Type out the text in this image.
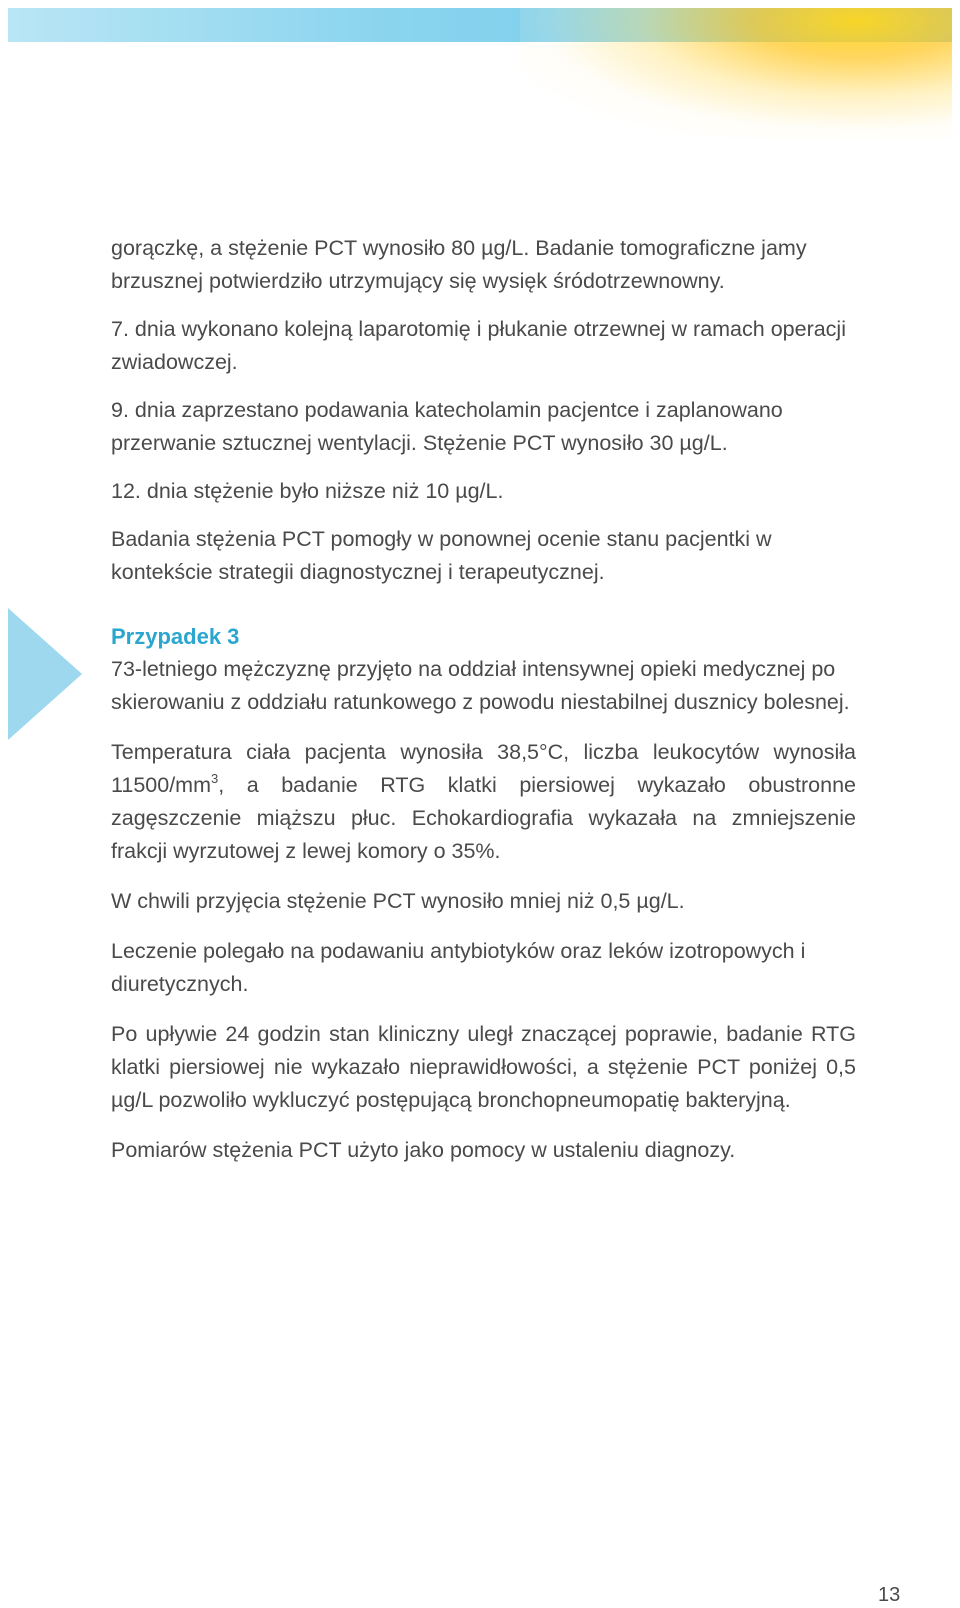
gorączkę, a stężenie PCT wynosiło 80 µg/L. Badanie tomograficzne jamy brzusznej potwierdziło utrzymujący się wysięk śródotrzewnowny.

7. dnia wykonano kolejną laparotomię i płukanie otrzewnej w ramach operacji zwiadowczej.

9. dnia zaprzestano podawania katecholamin pacjentce i zaplanowano przerwanie sztucznej wentylacji. Stężenie PCT wynosiło 30 µg/L.

12. dnia stężenie było niższe niż 10 µg/L.

Badania stężenia PCT pomogły w ponownej ocenie stanu pacjentki w kontekście strategii diagnostycznej i terapeutycznej.

Przypadek 3

73-letniego mężczyznę przyjęto na oddział intensywnej opieki medycznej po skierowaniu z oddziału ratunkowego z powodu niestabilnej dusznicy bolesnej.

Temperatura ciała pacjenta wynosiła 38,5°C, liczba leukocytów wynosiła $11500/mm^3$, a badanie RTG klatki piersiowej wykazało obustronne zagęszczenie miąższu płuc. Echokardiografia wykazała na zmniejszenie frakcji wyrzutowej z lewej komory o 35%.

W chwili przyjęcia stężenie PCT wynosiło mniej niż 0,5 µg/L.

Leczenie polegało na podawaniu antybiotyków oraz leków izotropowych i diuretycznych.

Po upływie 24 godzin stan kliniczny uległ znaczącej poprawie, badanie RTG klatki piersiowej nie wykazało nieprawidłowości, a stężenie PCT poniżej 0,5 µg/L pozwoliło wykluczyć postępującą bronchopneumopatię bakteryjną.

Pomiarów stężenia PCT użyto jako pomocy w ustaleniu diagnozy.

13
